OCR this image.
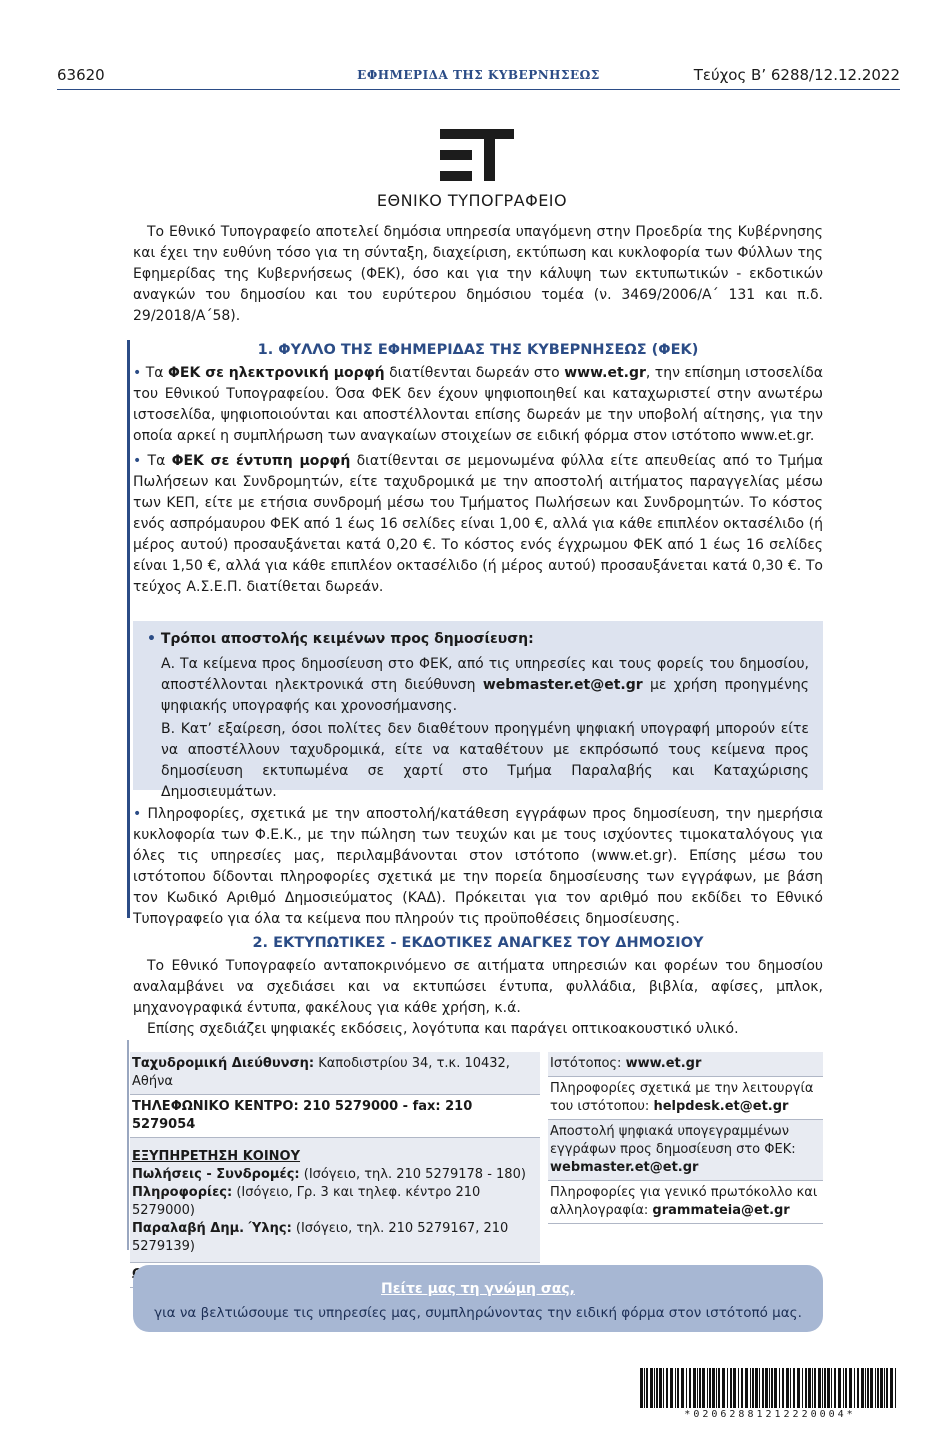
63620	ΕΦΗΜΕΡΙΔΑ ΤΗΣ ΚΥΒΕΡΝΗΣΕΩΣ	Τεύχος B’ 6288/12.12.2022
ΕΘΝΙΚΟ ΤΥΠΟΓΡΑΦΕΙΟ

Το Εθνικό Τυπογραφείο αποτελεί δημόσια υπηρεσία υπαγόμενη στην Προεδρία της Κυβέρνησης και έχει την ευθύνη τόσο για τη σύνταξη, διαχείριση, εκτύπωση και κυκλοφορία των Φύλλων της Εφημερίδας της Κυβερνήσεως (ΦΕΚ), όσο και για την κάλυψη των εκτυπωτικών - εκδοτικών αναγκών του δημοσίου και του ευρύτερου δημόσιου τομέα (ν. 3469/2006/Α΄ 131 και π.δ. 29/2018/Α΄58).

1. ΦΥΛΛΟ ΤΗΣ ΕΦΗΜΕΡΙΔΑΣ ΤΗΣ ΚΥΒΕΡΝΗΣΕΩΣ (ΦΕΚ)

• Τα ΦΕΚ σε ηλεκτρονική μορφή διατίθενται δωρεάν στο www.et.gr, την επίσημη ιστοσελίδα του Εθνικού Τυπογραφείου. Όσα ΦΕΚ δεν έχουν ψηφιοποιηθεί και καταχωριστεί στην ανωτέρω ιστοσελίδα, ψηφιοποιούνται και αποστέλλονται επίσης δωρεάν με την υποβολή αίτησης, για την οποία αρκεί η συμπλήρωση των αναγκαίων στοιχείων σε ειδική φόρμα στον ιστότοπο www.et.gr.

• Τα ΦΕΚ σε έντυπη μορφή διατίθενται σε μεμονωμένα φύλλα είτε απευθείας από το Τμήμα Πωλήσεων και Συνδρομητών, είτε ταχυδρομικά με την αποστολή αιτήματος παραγγελίας μέσω των ΚΕΠ, είτε με ετήσια συνδρομή μέσω του Τμήματος Πωλήσεων και Συνδρομητών. Το κόστος ενός ασπρόμαυρου ΦΕΚ από 1 έως 16 σελίδες είναι 1,00 €, αλλά για κάθε επιπλέον οκτασέλιδο (ή μέρος αυτού) προσαυξάνεται κατά 0,20 €. Το κόστος ενός έγχρωμου ΦΕΚ από 1 έως 16 σελίδες είναι 1,50 €, αλλά για κάθε επιπλέον οκτασέλιδο (ή μέρος αυτού) προσαυξάνεται κατά 0,30 €. Το τεύχος Α.Σ.Ε.Π. διατίθεται δωρεάν.

• Τρόποι αποστολής κειμένων προς δημοσίευση:

Α. Τα κείμενα προς δημοσίευση στο ΦΕΚ, από τις υπηρεσίες και τους φορείς του δημοσίου, αποστέλλονται ηλεκτρονικά στη διεύθυνση webmaster.et@et.gr με χρήση προηγμένης ψηφιακής υπογραφής και χρονοσήμανσης.

Β. Κατ’ εξαίρεση, όσοι πολίτες δεν διαθέτουν προηγμένη ψηφιακή υπογραφή μπορούν είτε να αποστέλλουν ταχυδρομικά, είτε να καταθέτουν με εκπρόσωπό τους κείμενα προς δημοσίευση εκτυπωμένα σε χαρτί στο Τμήμα Παραλαβής και Καταχώρισης Δημοσιευμάτων.

• Πληροφορίες, σχετικά με την αποστολή/κατάθεση εγγράφων προς δημοσίευση, την ημερήσια κυκλοφορία των Φ.Ε.Κ., με την πώληση των τευχών και με τους ισχύοντες τιμοκαταλόγους για όλες τις υπηρεσίες μας, περιλαμβάνονται στον ιστότοπο (www.et.gr). Επίσης μέσω του ιστότοπου δίδονται πληροφορίες σχετικά με την πορεία δημοσίευσης των εγγράφων, με βάση τον Κωδικό Αριθμό Δημοσιεύματος (ΚΑΔ). Πρόκειται για τον αριθμό που εκδίδει το Εθνικό Τυπογραφείο για όλα τα κείμενα που πληρούν τις προϋποθέσεις δημοσίευσης.

2. ΕΚΤΥΠΩΤΙΚΕΣ - ΕΚΔΟΤΙΚΕΣ ΑΝΑΓΚΕΣ ΤΟΥ ΔΗΜΟΣΙΟΥ

Το Εθνικό Τυπογραφείο ανταποκρινόμενο σε αιτήματα υπηρεσιών και φορέων του δημοσίου αναλαμβάνει να σχεδιάσει και να εκτυπώσει έντυπα, φυλλάδια, βιβλία, αφίσες, μπλοκ, μηχανογραφικά έντυπα, φακέλους για κάθε χρήση, κ.ά.

Επίσης σχεδιάζει ψηφιακές εκδόσεις, λογότυπα και παράγει οπτικοακουστικό υλικό.

Ταχυδρομική Διεύθυνση: Καποδιστρίου 34, τ.κ. 10432, Αθήνα
ΤΗΛΕΦΩΝΙΚΟ ΚΕΝΤΡΟ: 210 5279000 - fax: 210 5279054
ΕΞΥΠΗΡΕΤΗΣΗ ΚΟΙΝΟΥ
Πωλήσεις - Συνδρομές: (Ισόγειο, τηλ. 210 5279178 - 180)
Πληροφορίες: (Ισόγειο, Γρ. 3 και τηλεφ. κέντρο 210 5279000)
Παραλαβή Δημ. Ύλης: (Ισόγειο, τηλ. 210 5279167, 210 5279139)
Ιστότοπος: www.et.gr
Πληροφορίες σχετικά με την λειτουργία του ιστότοπου: helpdesk.et@et.gr
Αποστολή ψηφιακά υπογεγραμμένων εγγράφων προς δημοσίευση στο ΦΕΚ: webmaster.et@et.gr
Πληροφορίες για γενικό πρωτόκολλο και αλληλογραφία: grammateia@et.gr
Πείτε μας τη γνώμη σας,
για να βελτιώσουμε τις υπηρεσίες μας, συμπληρώνοντας την ειδική φόρμα στον ιστότοπό μας.
*02062881212220004*
